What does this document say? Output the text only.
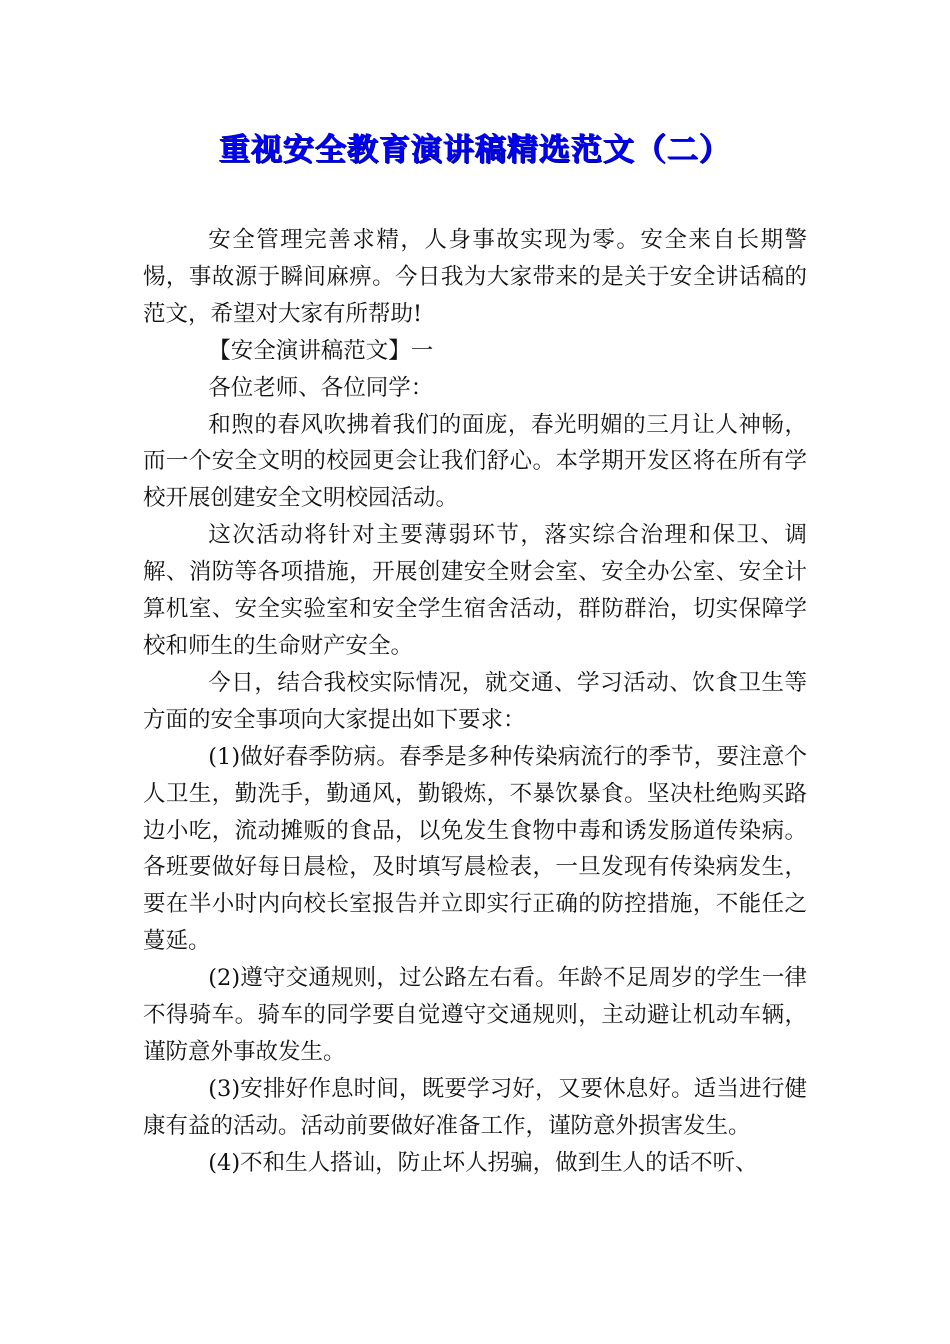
重视安全教育演讲稿精选范文（二）

安全管理完善求精，人身事故实现为零。安全来自长期警惕，事故源于瞬间麻痹。今日我为大家带来的是关于安全讲话稿的范文，希望对大家有所帮助!

【安全演讲稿范文】一

各位老师、各位同学：

和煦的春风吹拂着我们的面庞，春光明媚的三月让人神畅，而一个安全文明的校园更会让我们舒心。本学期开发区将在所有学校开展创建安全文明校园活动。

这次活动将针对主要薄弱环节，落实综合治理和保卫、调解、消防等各项措施，开展创建安全财会室、安全办公室、安全计算机室、安全实验室和安全学生宿舍活动，群防群治，切实保障学校和师生的生命财产安全。

今日，结合我校实际情况，就交通、学习活动、饮食卫生等方面的安全事项向大家提出如下要求：

(1)做好春季防病。春季是多种传染病流行的季节，要注意个人卫生，勤洗手，勤通风，勤锻炼，不暴饮暴食。坚决杜绝购买路边小吃，流动摊贩的食品，以免发生食物中毒和诱发肠道传染病。各班要做好每日晨检，及时填写晨检表，一旦发现有传染病发生，要在半小时内向校长室报告并立即实行正确的防控措施，不能任之蔓延。

(2)遵守交通规则，过公路左右看。年龄不足周岁的学生一律不得骑车。骑车的同学要自觉遵守交通规则，主动避让机动车辆，谨防意外事故发生。

(3)安排好作息时间，既要学习好，又要休息好。适当进行健康有益的活动。活动前要做好准备工作，谨防意外损害发生。

(4)不和生人搭讪，防止坏人拐骗，做到生人的话不听、
